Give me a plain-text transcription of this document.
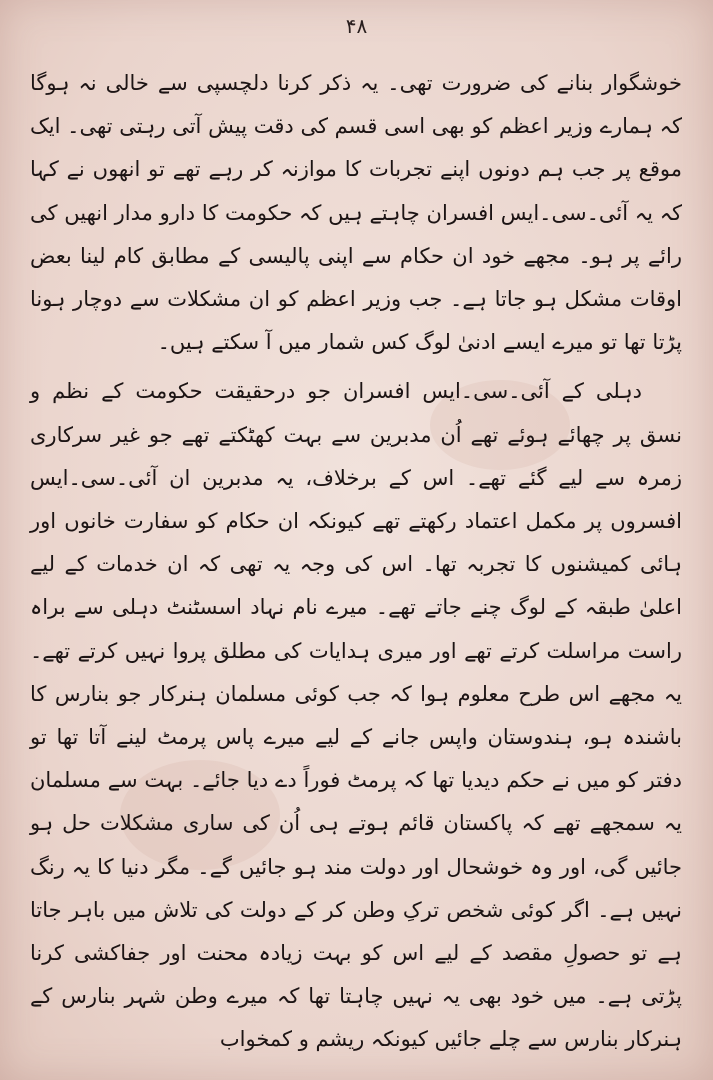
۴۸

خوشگوار بنانے کی ضرورت تھی۔ یہ ذکر کرنا دلچسپی سے خالی نہ ہوگا کہ ہمارے وزیر اعظم کو بھی اسی قسم کی دقت پیش آتی رہتی تھی۔ ایک موقع پر جب ہم دونوں اپنے تجربات کا موازنہ کر رہے تھے تو انھوں نے کہا کہ یہ آئی۔سی۔ایس افسران چاہتے ہیں کہ حکومت کا دارو مدار انھیں کی رائے پر ہو۔ مجھے خود ان حکام سے اپنی پالیسی کے مطابق کام لینا بعض اوقات مشکل ہو جاتا ہے۔ جب وزیر اعظم کو ان مشکلات سے دوچار ہونا پڑتا تھا تو میرے ایسے ادنیٰ لوگ کس شمار میں آ سکتے ہیں۔

دہلی کے آئی۔سی۔ایس افسران جو درحقیقت حکومت کے نظم و نسق پر چھائے ہوئے تھے اُن مدبرین سے بہت کھٹکتے تھے جو غیر سرکاری زمرہ سے لیے گئے تھے۔ اس کے برخلاف، یہ مدبرین ان آئی۔سی۔ایس افسروں پر مکمل اعتماد رکھتے تھے کیونکہ ان حکام کو سفارت خانوں اور ہائی کمیشنوں کا تجربہ تھا۔ اس کی وجہ یہ تھی کہ ان خدمات کے لیے اعلیٰ طبقہ کے لوگ چنے جاتے تھے۔ میرے نام نہاد اسسٹنٹ دہلی سے براہ راست مراسلت کرتے تھے اور میری ہدایات کی مطلق پروا نہیں کرتے تھے۔ یہ مجھے اس طرح معلوم ہوا کہ جب کوئی مسلمان ہنرکار جو بنارس کا باشندہ ہو، ہندوستان واپس جانے کے لیے میرے پاس پرمٹ لینے آتا تھا تو دفتر کو میں نے حکم دیدیا تھا کہ پرمٹ فوراً دے دیا جائے۔ بہت سے مسلمان یہ سمجھے تھے کہ پاکستان قائم ہوتے ہی اُن کی ساری مشکلات حل ہو جائیں گی، اور وہ خوشحال اور دولت مند ہو جائیں گے۔ مگر دنیا کا یہ رنگ نہیں ہے۔ اگر کوئی شخص ترکِ وطن کر کے دولت کی تلاش میں باہر جاتا ہے تو حصولِ مقصد کے لیے اس کو بہت زیادہ محنت اور جفاکشی کرنا پڑتی ہے۔ میں خود بھی یہ نہیں چاہتا تھا کہ میرے وطن شہر بنارس کے ہنرکار بنارس سے چلے جائیں کیونکہ ریشم و کمخواب
